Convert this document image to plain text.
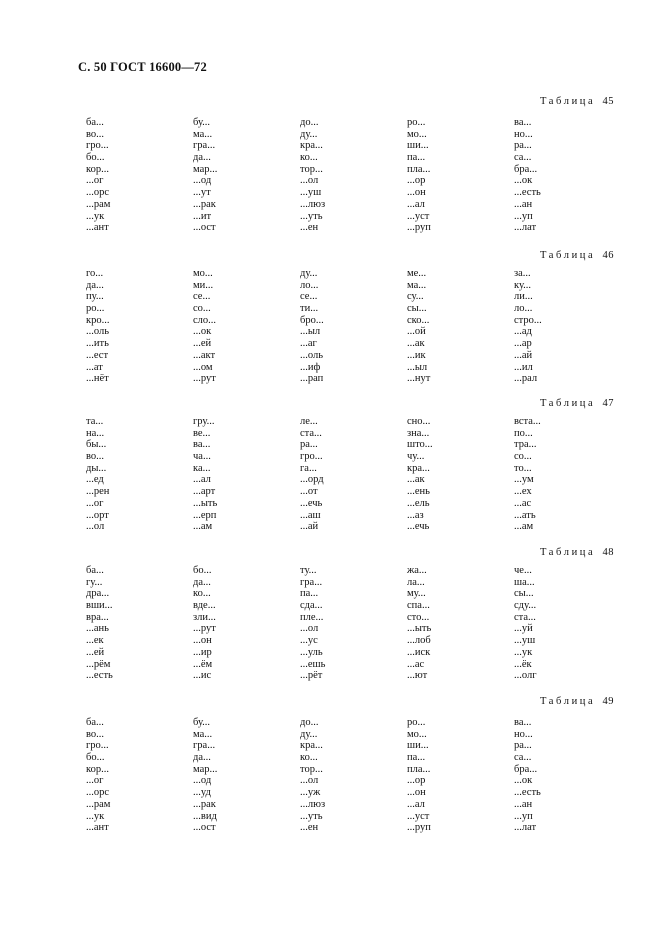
С. 50 ГОСТ 16600—72
Таблица 45
ба...
во...
гро...
бо...
кор...
...ог
...орс
...рам
...ук
...ант
бу...
ма...
гра...
да...
мар...
...од
...ут
...рак
...ит
...ост
до...
ду...
кра...
ко...
тор...
...ол
...уш
...люз
...уть
...ен
ро...
мо...
ши...
па...
пла...
...ор
...он
...ал
...уст
...руп
ва...
но...
ра...
са...
бра...
...ок
...есть
...ан
...уп
...лат
Таблица 46
го...
да...
пу...
ро...
кро...
...оль
...ить
...ест
...ат
...нёт
мо...
ми...
се...
со...
сло...
...ок
...ей
...акт
...ом
...рут
ду...
ло...
се...
ти...
бро...
...ыл
...аг
...оль
...иф
...рап
ме...
ма...
су...
сы...
ско...
...ой
...ак
...ик
...ыл
...нут
за...
ку...
ли...
ло...
стро...
...ад
...ар
...ай
...ил
...рал
Таблица 47
та...
на...
бы...
во...
ды...
...ед
...рен
...ог
...орт
...ол
гру...
ве...
ва...
ча...
ка...
...ал
...арт
...ыть
...ерп
...ам
ле...
ста...
ра...
гро...
га...
...орд
...от
...ечь
...аш
...ай
сно...
зна...
што...
чу...
кра...
...ак
...ень
...ель
...аз
...ечь
вста...
по...
тра...
со...
то...
...ум
...ех
...ас
...ать
...ам
Таблица 48
ба...
гу...
дра...
вши...
вра...
...ань
...ек
...ей
...рём
...есть
бо...
да...
ко...
вде...
зли...
...рут
...он
...ир
...ём
...ис
ту...
гра...
па...
сда...
пле...
...ол
...ус
...уль
...ешь
...рёт
жа...
ла...
му...
спа...
сто...
...ыть
...лоб
...иск
...ас
...ют
че...
ша...
сы...
сду...
ста...
...уй
...уш
...ук
...ёк
...олг
Таблица 49
ба...
во...
гро...
бо...
кор...
...ог
...орс
...рам
...ук
...ант
бу...
ма...
гра...
да...
мар...
...од
...уд
...рак
...вид
...ост
до...
ду...
кра...
ко...
тор...
...ол
...уж
...люз
...уть
...ен
ро...
мо...
ши...
па...
пла...
...ор
...он
...ал
...уст
...руп
ва...
но...
ра...
са...
бра...
...ок
...есть
...ан
...уп
...лат
